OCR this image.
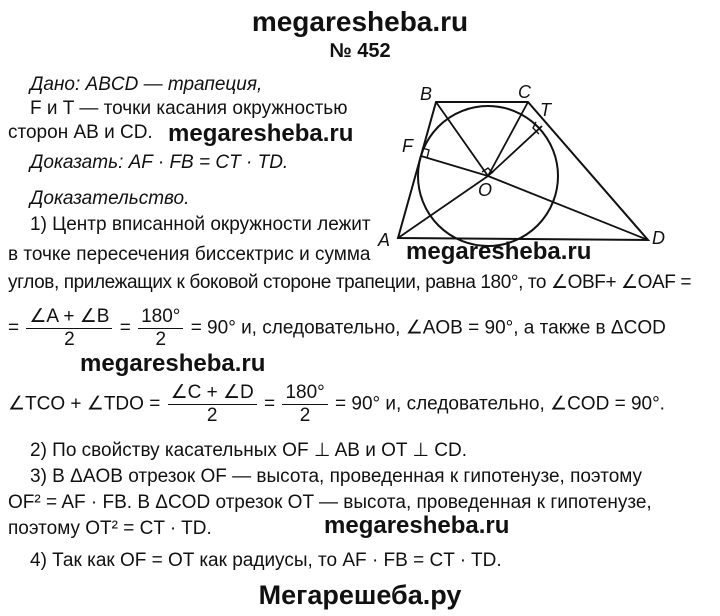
megaresheba.ru
№ 452
Дано: ABCD — трапеция,
F и T — точки касания окружностью
сторон AB и CD. megaresheba.ru
Доказать: AF · FB = CT · TD.
Доказательство.
1) Центр вписанной окружности лежит
в точке пересечения биссектрис и сумма megaresheba.ru
углов, прилежащих к боковой стороне трапеции, равна 180°, то ∠OBF+ ∠OAF =
= $\frac{\angle A + \angle B}{2} = \frac{180^\circ}{2} = 90^\circ$ и, следовательно, ∠AOB = 90°, а также в ΔCOD
megaresheba.ru
∠TCO + ∠TDO = $\frac{\angle C + \angle D}{2} = \frac{180^\circ}{2} = 90^\circ$ и, следовательно, ∠COD = 90°.
2) По свойству касательных OF ⊥ AB и OT ⊥ CD.
3) В ΔAOB отрезок OF — высота, проведенная к гипотенузе, поэтому
OF² = AF · FB. В ΔCOD отрезок OT — высота, проведенная к гипотенузе,
поэтому OT² = CT · TD.	megaresheba.ru
4) Так как OF = OT как радиусы, то AF · FB = CT · TD.
A
B	C
D
F
T
O
Мегарешеба.ру
